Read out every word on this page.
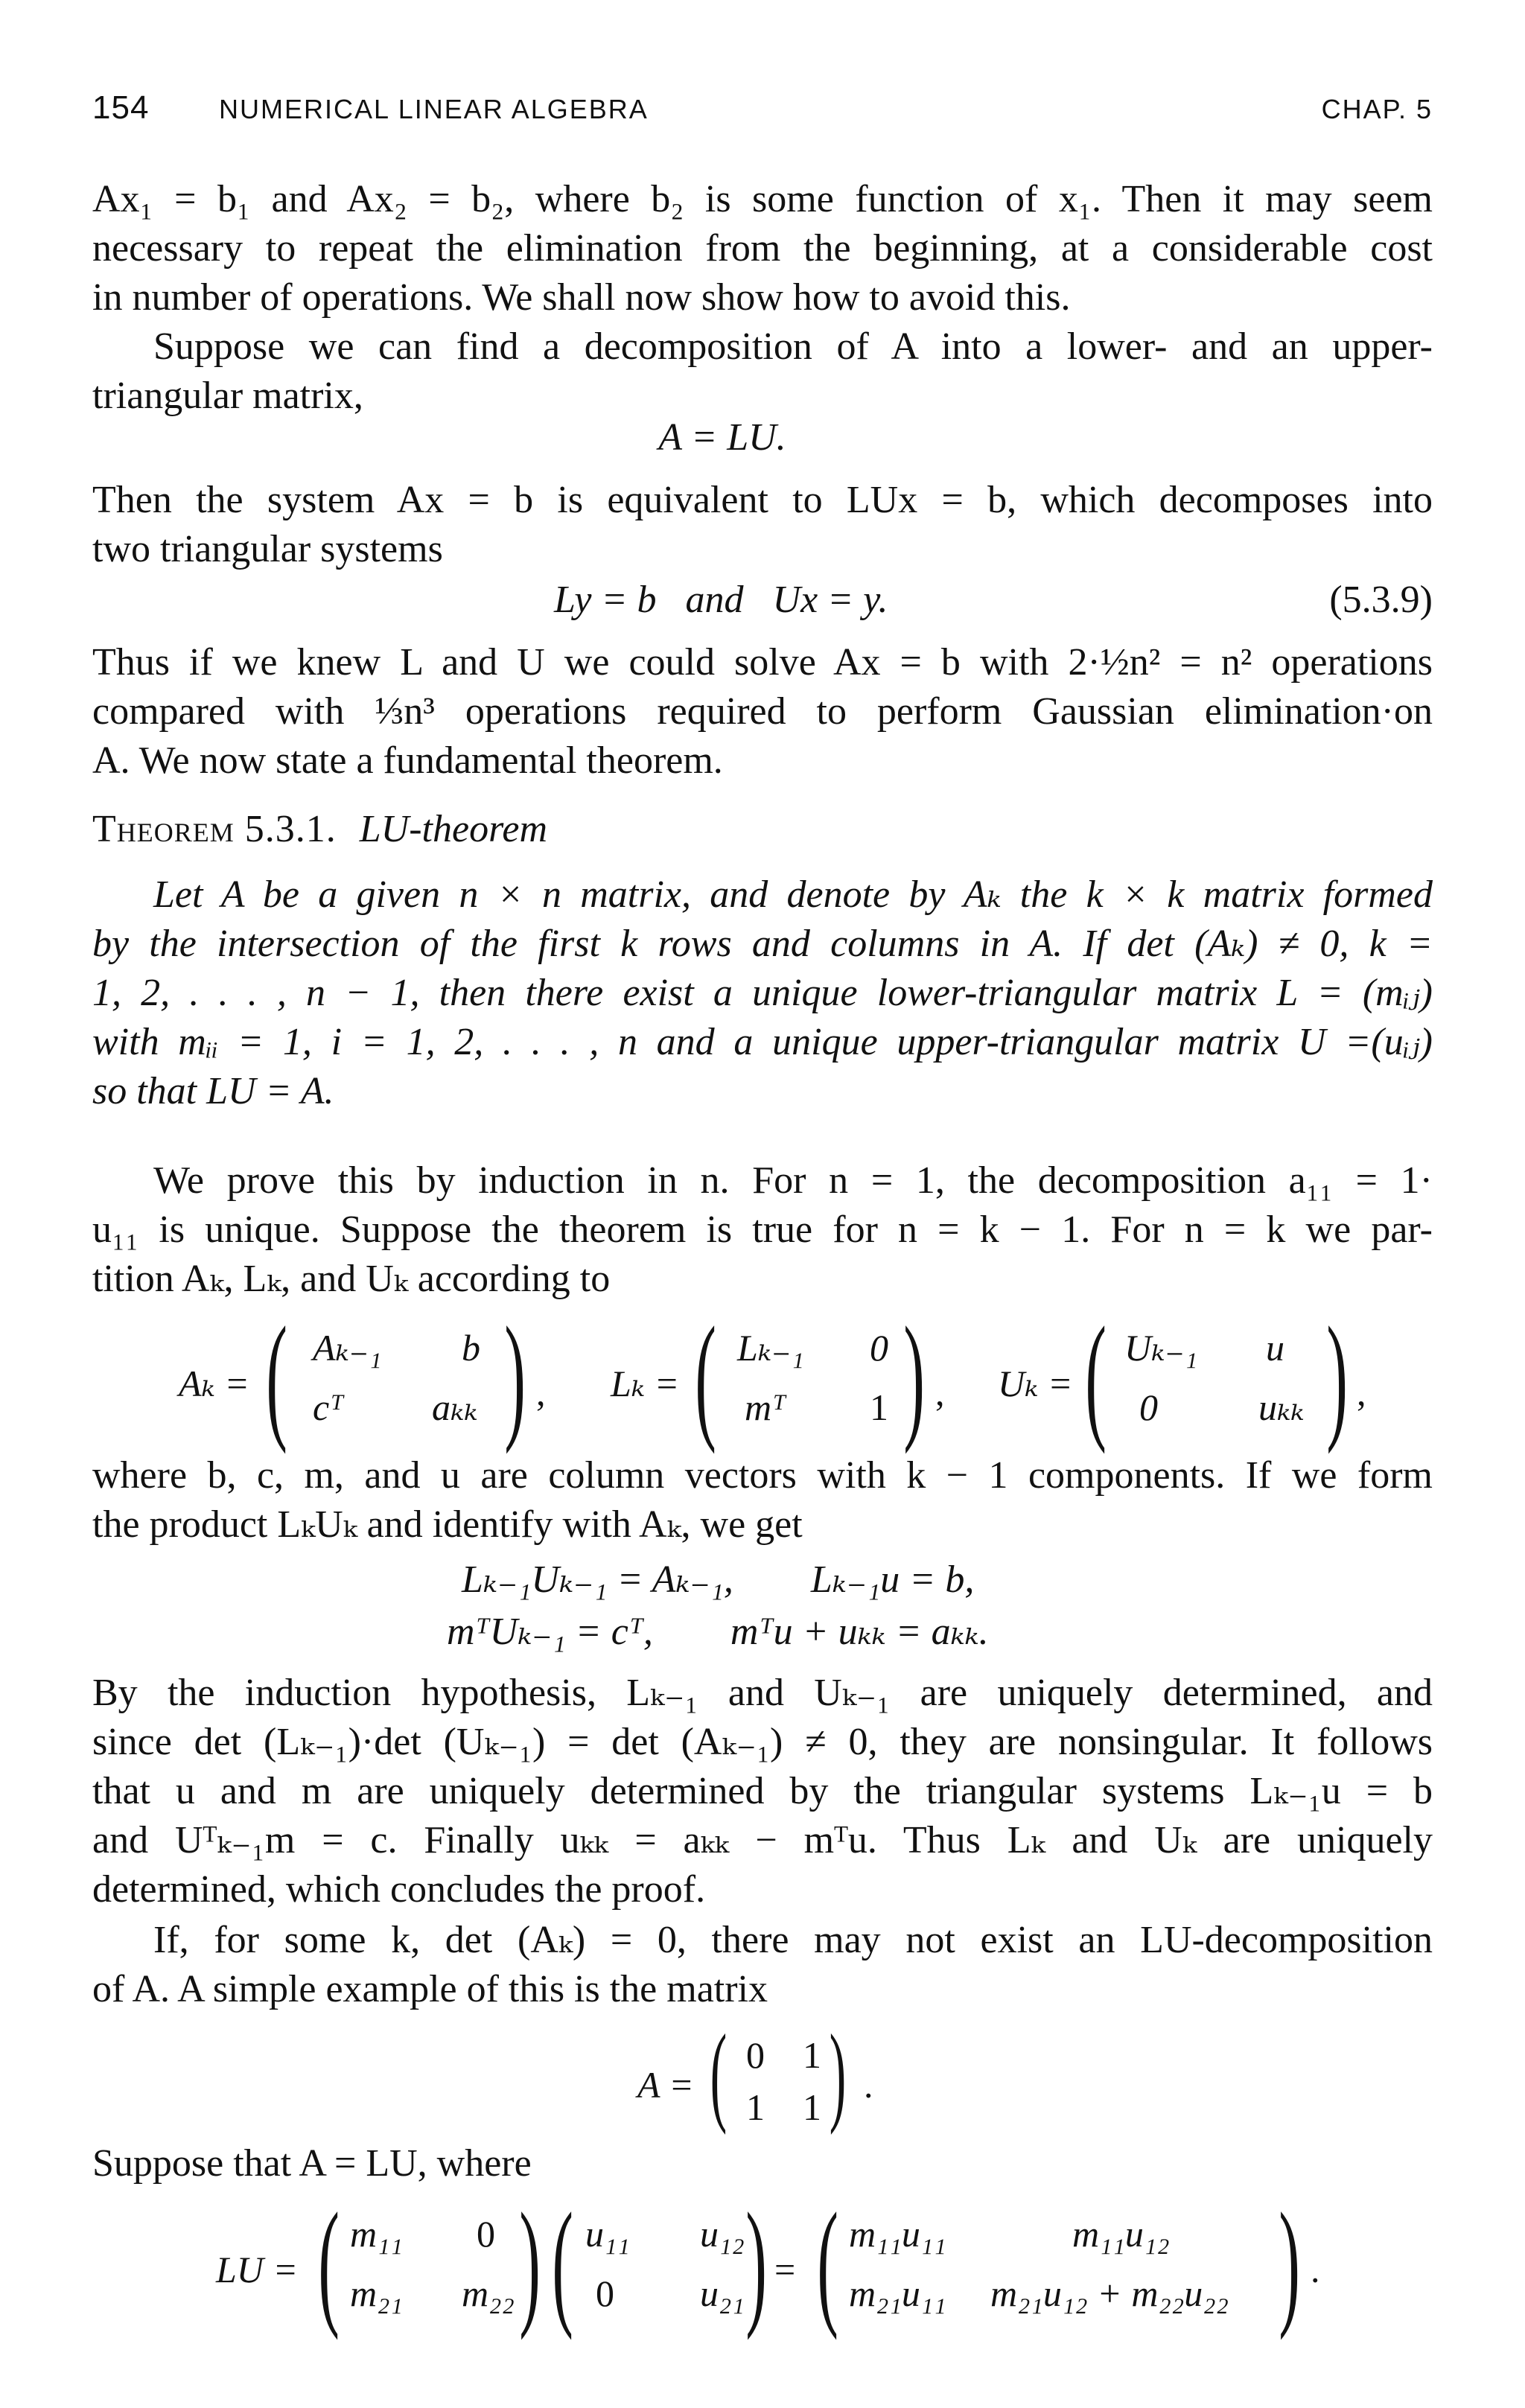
154	NUMERICAL LINEAR ALGEBRA	CHAP. 5
Ax₁ = b₁ and Ax₂ = b₂, where b₂ is some function of x₁. Then it may seem
necessary to repeat the elimination from the beginning, at a considerable cost
in number of operations. We shall now show how to avoid this.
Suppose we can find a decomposition of A into a lower- and an upper-
triangular matrix,
A = LU.
Then the system Ax = b is equivalent to LUx = b, which decomposes into
two triangular systems
Ly = b   and   Ux = y.	(5.3.9)
Thus if we knew L and U we could solve Ax = b with 2·½n² = n² operations
compared with ⅓n³ operations required to perform Gaussian elimination·on
A. We now state a fundamental theorem.
Theorem 5.3.1. LU-theorem
Let A be a given n × n matrix, and denote by Aₖ the k × k matrix formed
by the intersection of the first k rows and columns in A. If det (Aₖ) ≠ 0, k =
1, 2, . . . , n − 1, then there exist a unique lower-triangular matrix L = (mᵢⱼ)
with mᵢᵢ = 1, i = 1, 2, . . . , n and a unique upper-triangular matrix U =(uᵢⱼ)
so that LU = A.
We prove this by induction in n. For n = 1, the decomposition a₁₁ = 1·
u₁₁ is unique. Suppose the theorem is true for n = k − 1. For n = k we par-
tition Aₖ, Lₖ, and Uₖ according to
Aₖ = ( Aₖ₋₁ b
cᵀ aₖₖ ) , Lₖ = ( Lₖ₋₁ 0
mᵀ 1 ) , Uₖ = ( Uₖ₋₁ u
0	uₖₖ ) ,
where b, c, m, and u are column vectors with k − 1 components. If we form
the product LₖUₖ and identify with Aₖ, we get
Lₖ₋₁Uₖ₋₁ = Aₖ₋₁,        Lₖ₋₁u = b,
mᵀUₖ₋₁ = cᵀ,        mᵀu + uₖₖ = aₖₖ.
By the induction hypothesis, Lₖ₋₁ and Uₖ₋₁ are uniquely determined, and
since det (Lₖ₋₁)·det (Uₖ₋₁) = det (Aₖ₋₁) ≠ 0, they are nonsingular. It follows
that u and m are uniquely determined by the triangular systems Lₖ₋₁u = b
and Uᵀₖ₋₁m = c. Finally uₖₖ = aₖₖ − mᵀu. Thus Lₖ and Uₖ are uniquely
determined, which concludes the proof.
If, for some k, det (Aₖ) = 0, there may not exist an LU-decomposition
of A. A simple example of this is the matrix
A = ( 0 1
1 1 ) .
Suppose that A = LU, where
LU = ( m₁₁ 0
m₂₁ m₂₂ ) ( u₁₁ u₁₂
0 u₂₁ ) = ( m₁₁u₁₁	m₁₁u₁₂
m₂₁u₁₁ m₂₁u₁₂ + m₂₂u₂₂ ) .
